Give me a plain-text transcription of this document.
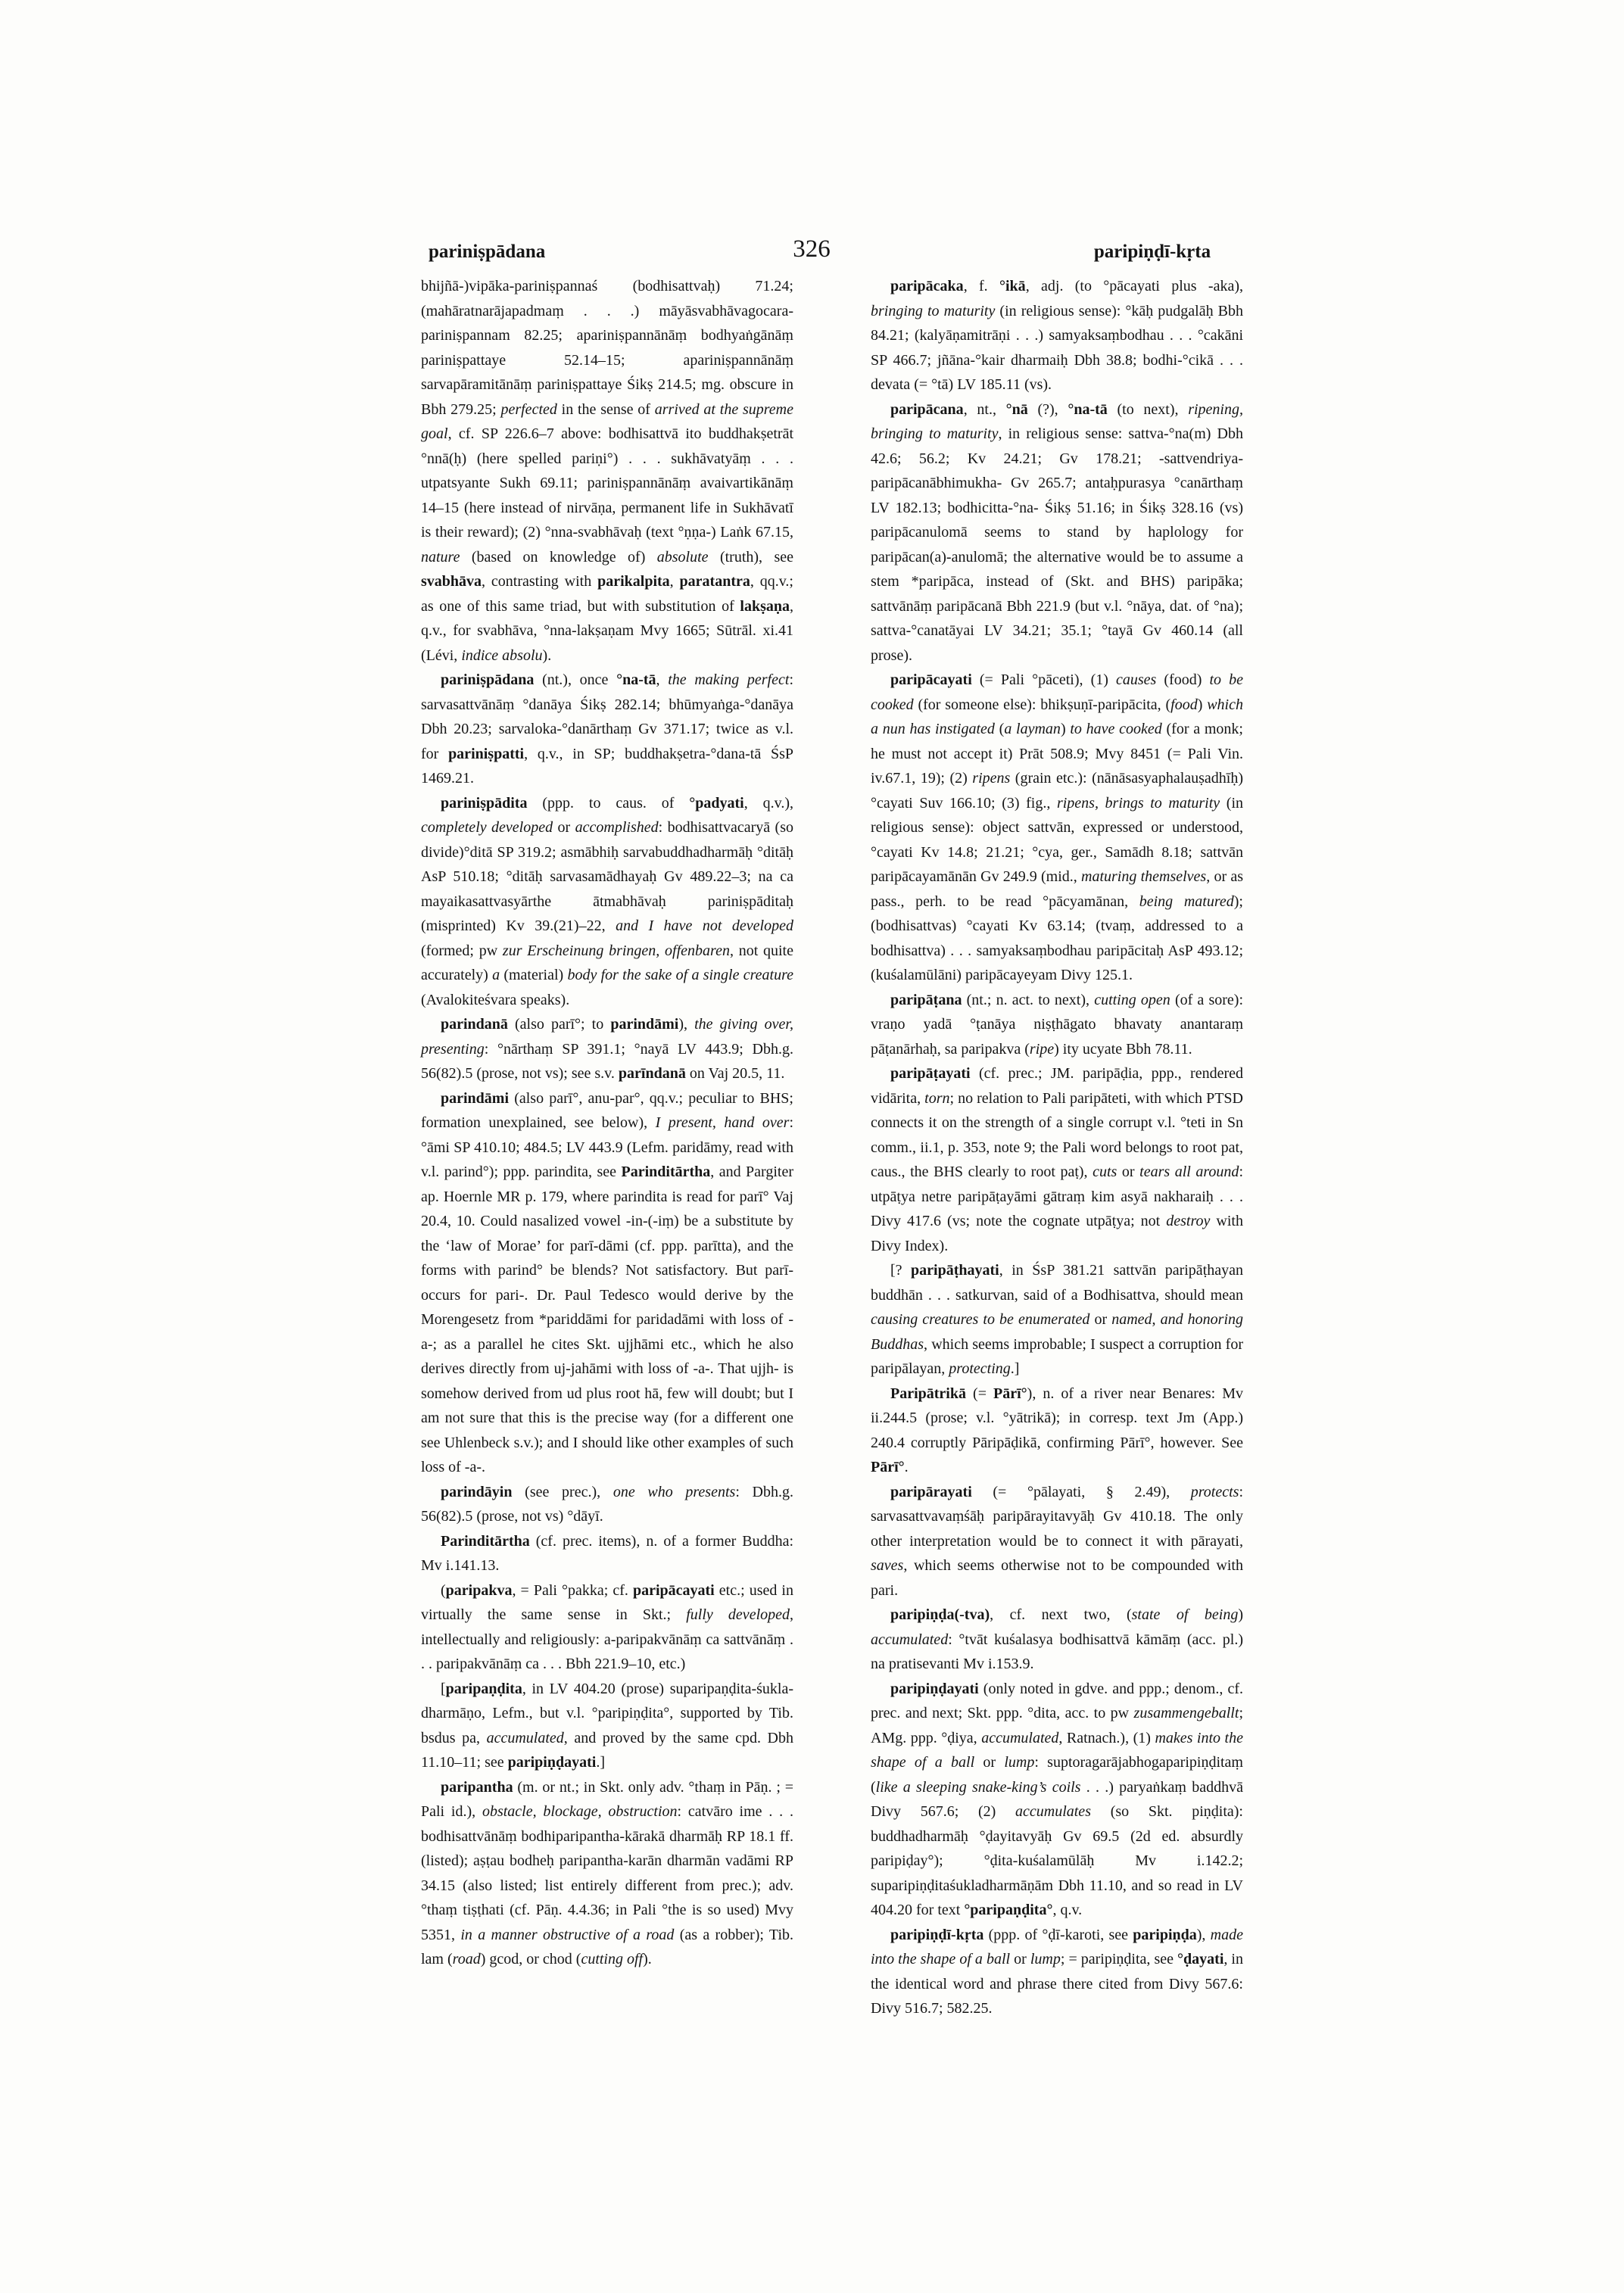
pariniṣpādana	326	paripiṇḍī-kṛta

bhijñā-)vipāka-pariniṣpannaś (bodhisattvaḥ) 71.24; (mahāratnarājapadmaṃ . . .) māyāsvabhāvagocara-pariniṣpannam 82.25; apariniṣpannānāṃ bodhyaṅgānāṃ pariniṣpattaye 52.14–15; apariniṣpannānāṃ sarvapāramitānāṃ pariniṣpattaye Śikṣ 214.5; mg. obscure in Bbh 279.25; perfected in the sense of arrived at the supreme goal, cf. SP 226.6–7 above: bodhisattvā ito buddhakṣetrāt °nnā(ḥ) (here spelled pariṇi°) . . . sukhāvatyāṃ . . . utpatsyante Sukh 69.11; pariniṣpannānāṃ avaivartikānāṃ 14–15 (here instead of nirvāṇa, permanent life in Sukhāvatī is their reward); (2) °nna-svabhāvaḥ (text °ṇṇa-) Laṅk 67.15, nature (based on knowledge of) absolute (truth), see svabhāva, contrasting with parikalpita, paratantra, qq.v.; as one of this same triad, but with substitution of lakṣaṇa, q.v., for svabhāva, °nna-lakṣaṇam Mvy 1665; Sūtrāl. xi.41 (Lévi, indice absolu).

pariniṣpādana (nt.), once °na-tā, the making perfect: sarvasattvānāṃ °danāya Śikṣ 282.14; bhūmyaṅga-°danāya Dbh 20.23; sarvaloka-°danārthaṃ Gv 371.17; twice as v.l. for pariniṣpatti, q.v., in SP; buddhakṣetra-°dana-tā ŚsP 1469.21.

pariniṣpādita (ppp. to caus. of °padyati, q.v.), completely developed or accomplished: bodhisattvacaryā (so divide)°ditā SP 319.2; asmābhiḥ sarvabuddhadharmāḥ °ditāḥ AsP 510.18; °ditāḥ sarvasamādhayaḥ Gv 489.22–3; na ca mayaikasattvasyārthe ātmabhāvaḥ pariniṣpāditaḥ (misprinted) Kv 39.(21)–22, and I have not developed (formed; pw zur Erscheinung bringen, offenbaren, not quite accurately) a (material) body for the sake of a single creature (Avalokiteśvara speaks).

parindanā (also parī°; to parindāmi), the giving over, presenting: °nārthaṃ SP 391.1; °nayā LV 443.9; Dbh.g. 56(82).5 (prose, not vs); see s.v. parīndanā on Vaj 20.5, 11.

parindāmi (also parī°, anu-par°, qq.v.; peculiar to BHS; formation unexplained, see below), I present, hand over: °āmi SP 410.10; 484.5; LV 443.9 (Lefm. paridāmy, read with v.l. parind°); ppp. parindita, see Parinditārtha, and Pargiter ap. Hoernle MR p. 179, where parindita is read for parī° Vaj 20.4, 10. Could nasalized vowel -in-(-iṃ) be a substitute by the ‘law of Morae’ for parī-dāmi (cf. ppp. parītta), and the forms with parind° be blends? Not satisfactory. But parī- occurs for pari-. Dr. Paul Tedesco would derive by the Morengesetz from *pariddāmi for paridadāmi with loss of -a-; as a parallel he cites Skt. ujjhāmi etc., which he also derives directly from uj-jahāmi with loss of -a-. That ujjh- is somehow derived from ud plus root hā, few will doubt; but I am not sure that this is the precise way (for a different one see Uhlenbeck s.v.); and I should like other examples of such loss of -a-.

parindāyin (see prec.), one who presents: Dbh.g. 56(82).5 (prose, not vs) °dāyī.

Parinditārtha (cf. prec. items), n. of a former Buddha: Mv i.141.13.

(paripakva, = Pali °pakka; cf. paripācayati etc.; used in virtually the same sense in Skt.; fully developed, intellectually and religiously: a-paripakvānāṃ ca sattvānāṃ . . . paripakvānāṃ ca . . . Bbh 221.9–10, etc.)

[paripaṇḍita, in LV 404.20 (prose) suparipaṇḍita-śukla-dharmāṇo, Lefm., but v.l. °paripiṇḍita°, supported by Tib. bsdus pa, accumulated, and proved by the same cpd. Dbh 11.10–11; see paripiṇḍayati.]

paripantha (m. or nt.; in Skt. only adv. °thaṃ in Pāṇ. ; = Pali id.), obstacle, blockage, obstruction: catvāro ime . . . bodhisattvānāṃ bodhiparipantha-kārakā dharmāḥ RP 18.1 ff. (listed); aṣṭau bodheḥ paripantha-karān dharmān vadāmi RP 34.15 (also listed; list entirely different from prec.); adv. °thaṃ tiṣṭhati (cf. Pāṇ. 4.4.36; in Pali °the is so used) Mvy 5351, in a manner obstructive of a road (as a robber); Tib. lam (road) gcod, or chod (cutting off).

paripācaka, f. °ikā, adj. (to °pācayati plus -aka), bringing to maturity (in religious sense): °kāḥ pudgalāḥ Bbh 84.21; (kalyāṇamitrāṇi . . .) samyaksaṃbodhau . . . °cakāni SP 466.7; jñāna-°kair dharmaiḥ Dbh 38.8; bodhi-°cikā . . . devata (= °tā) LV 185.11 (vs).

paripācana, nt., °nā (?), °na-tā (to next), ripening, bringing to maturity, in religious sense: sattva-°na(m) Dbh 42.6; 56.2; Kv 24.21; Gv 178.21; -sattvendriya-paripācanābhimukha- Gv 265.7; antaḥpurasya °canārthaṃ LV 182.13; bodhicitta-°na- Śikṣ 51.16; in Śikṣ 328.16 (vs) paripācanulomā seems to stand by haplology for paripācan(a)-anulomā; the alternative would be to assume a stem *paripāca, instead of (Skt. and BHS) paripāka; sattvānāṃ paripācanā Bbh 221.9 (but v.l. °nāya, dat. of °na); sattva-°canatāyai LV 34.21; 35.1; °tayā Gv 460.14 (all prose).

paripācayati (= Pali °pāceti), (1) causes (food) to be cooked (for someone else): bhikṣuṇī-paripācita, (food) which a nun has instigated (a layman) to have cooked (for a monk; he must not accept it) Prāt 508.9; Mvy 8451 (= Pali Vin. iv.67.1, 19); (2) ripens (grain etc.): (nānāsasyaphalauṣadhīḥ) °cayati Suv 166.10; (3) fig., ripens, brings to maturity (in religious sense): object sattvān, expressed or understood, °cayati Kv 14.8; 21.21; °cya, ger., Samādh 8.18; sattvān paripācayamānān Gv 249.9 (mid., maturing themselves, or as pass., perh. to be read °pācyamānan, being matured); (bodhisattvas) °cayati Kv 63.14; (tvaṃ, addressed to a bodhisattva) . . . samyaksaṃbodhau paripācitaḥ AsP 493.12; (kuśalamūlāni) paripācayeyam Divy 125.1.

paripāṭana (nt.; n. act. to next), cutting open (of a sore): vraṇo yadā °ṭanāya niṣṭhāgato bhavaty anantaraṃ pāṭanārhaḥ, sa paripakva (ripe) ity ucyate Bbh 78.11.

paripāṭayati (cf. prec.; JM. paripāḍia, ppp., rendered vidārita, torn; no relation to Pali paripāteti, with which PTSD connects it on the strength of a single corrupt v.l. °teti in Sn comm., ii.1, p. 353, note 9; the Pali word belongs to root pat, caus., the BHS clearly to root paṭ), cuts or tears all around: utpāṭya netre paripāṭayāmi gātraṃ kim asyā nakharaiḥ . . . Divy 417.6 (vs; note the cognate utpāṭya; not destroy with Divy Index).

[? paripāṭhayati, in ŚsP 381.21 sattvān paripāṭhayan buddhān . . . satkurvan, said of a Bodhisattva, should mean causing creatures to be enumerated or named, and honoring Buddhas, which seems improbable; I suspect a corruption for paripālayan, protecting.]

Paripātrikā (= Pārī°), n. of a river near Benares: Mv ii.244.5 (prose; v.l. °yātrikā); in corresp. text Jm (App.) 240.4 corruptly Pāripāḍikā, confirming Pārī°, however. See Pārī°.

paripārayati (= °pālayati, § 2.49), protects: sarvasattvavaṃśāḥ paripārayitavyāḥ Gv 410.18. The only other interpretation would be to connect it with pārayati, saves, which seems otherwise not to be compounded with pari.

paripiṇḍa(-tva), cf. next two, (state of being) accumulated: °tvāt kuśalasya bodhisattvā kāmāṃ (acc. pl.) na pratisevanti Mv i.153.9.

paripiṇḍayati (only noted in gdve. and ppp.; denom., cf. prec. and next; Skt. ppp. °dita, acc. to pw zusammengeballt; AMg. ppp. °ḍiya, accumulated, Ratnach.), (1) makes into the shape of a ball or lump: suptoragarājabhogaparipiṇḍitaṃ (like a sleeping snake-king’s coils . . .) paryaṅkaṃ baddhvā Divy 567.6; (2) accumulates (so Skt. piṇḍita): buddhadharmāḥ °ḍayitavyāḥ Gv 69.5 (2d ed. absurdly paripiḍay°); °ḍita-kuśalamūlāḥ Mv i.142.2; suparipiṇḍitaśukladharmāṇām Dbh 11.10, and so read in LV 404.20 for text °paripaṇḍita°, q.v.

paripiṇḍī-kṛta (ppp. of °ḍī-karoti, see paripiṇḍa), made into the shape of a ball or lump; = paripiṇḍita, see °ḍayati, in the identical word and phrase there cited from Divy 567.6: Divy 516.7; 582.25.
